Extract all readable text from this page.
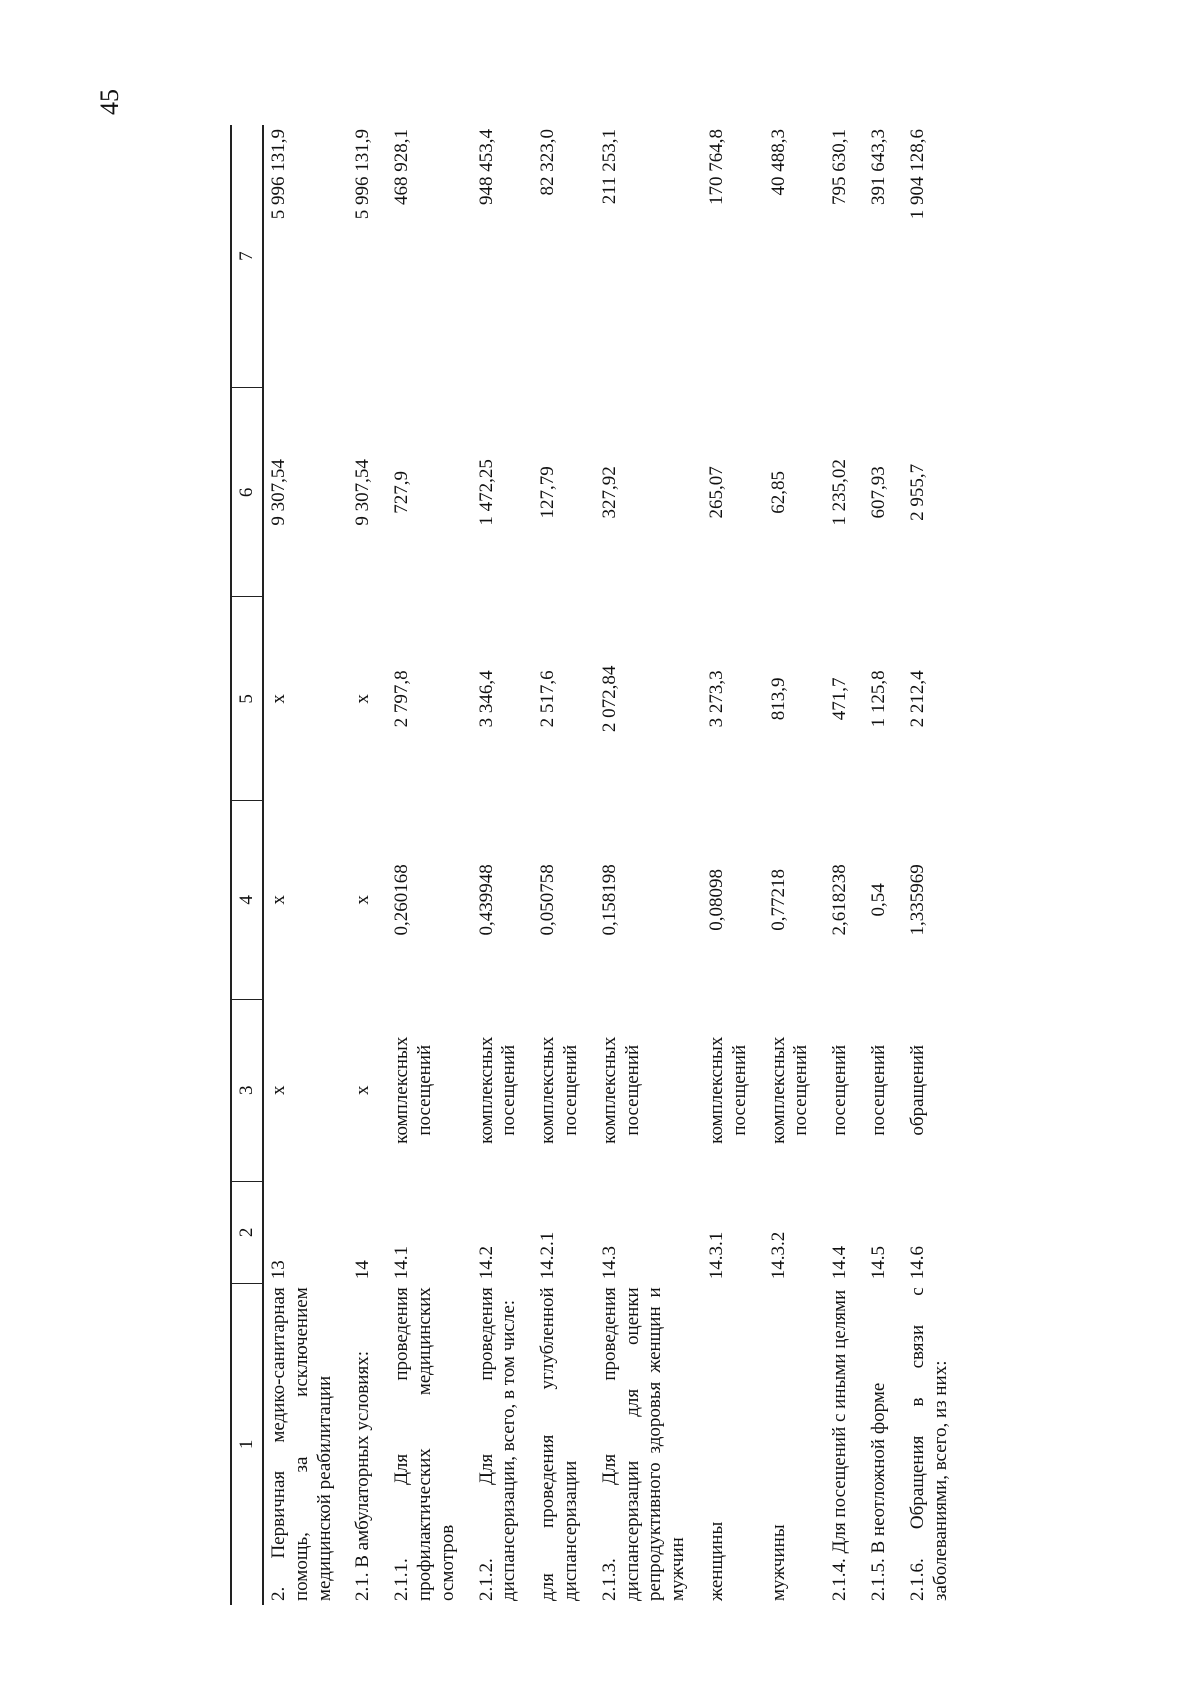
45
1	2	3	4	5	6	7
2. Первичная медико-санитарная помощь, за исключением медицинской реабилитации	13	х	х	х	9 307,54	5 996 131,9
2.1. В амбулаторных условиях:	14	х	х	х	9 307,54	5 996 131,9
2.1.1. Для проведения профилактических медицинских осмотров	14.1	комплексных посещений	0,260168	2 797,8	727,9	468 928,1
2.1.2. Для проведения диспансеризации, всего, в том числе:	14.2	комплексных посещений	0,439948	3 346,4	1 472,25	948 453,4
для проведения углубленной диспансеризации	14.2.1	комплексных посещений	0,050758	2 517,6	127,79	82 323,0
2.1.3. Для проведения диспансеризации для оценки репродуктивного здоровья женщин и мужчин	14.3	комплексных посещений	0,158198	2 072,84	327,92	211 253,1
женщины	14.3.1	комплексных посещений	0,08098	3 273,3	265,07	170 764,8
мужчины	14.3.2	комплексных посещений	0,77218	813,9	62,85	40 488,3
2.1.4. Для посещений с иными целями	14.4	посещений	2,618238	471,7	1 235,02	795 630,1
2.1.5. В неотложной форме	14.5	посещений	0,54	1 125,8	607,93	391 643,3
2.1.6. Обращения в связи с заболеваниями, всего, из них:	14.6	обращений	1,335969	2 212,4	2 955,7	1 904 128,6
